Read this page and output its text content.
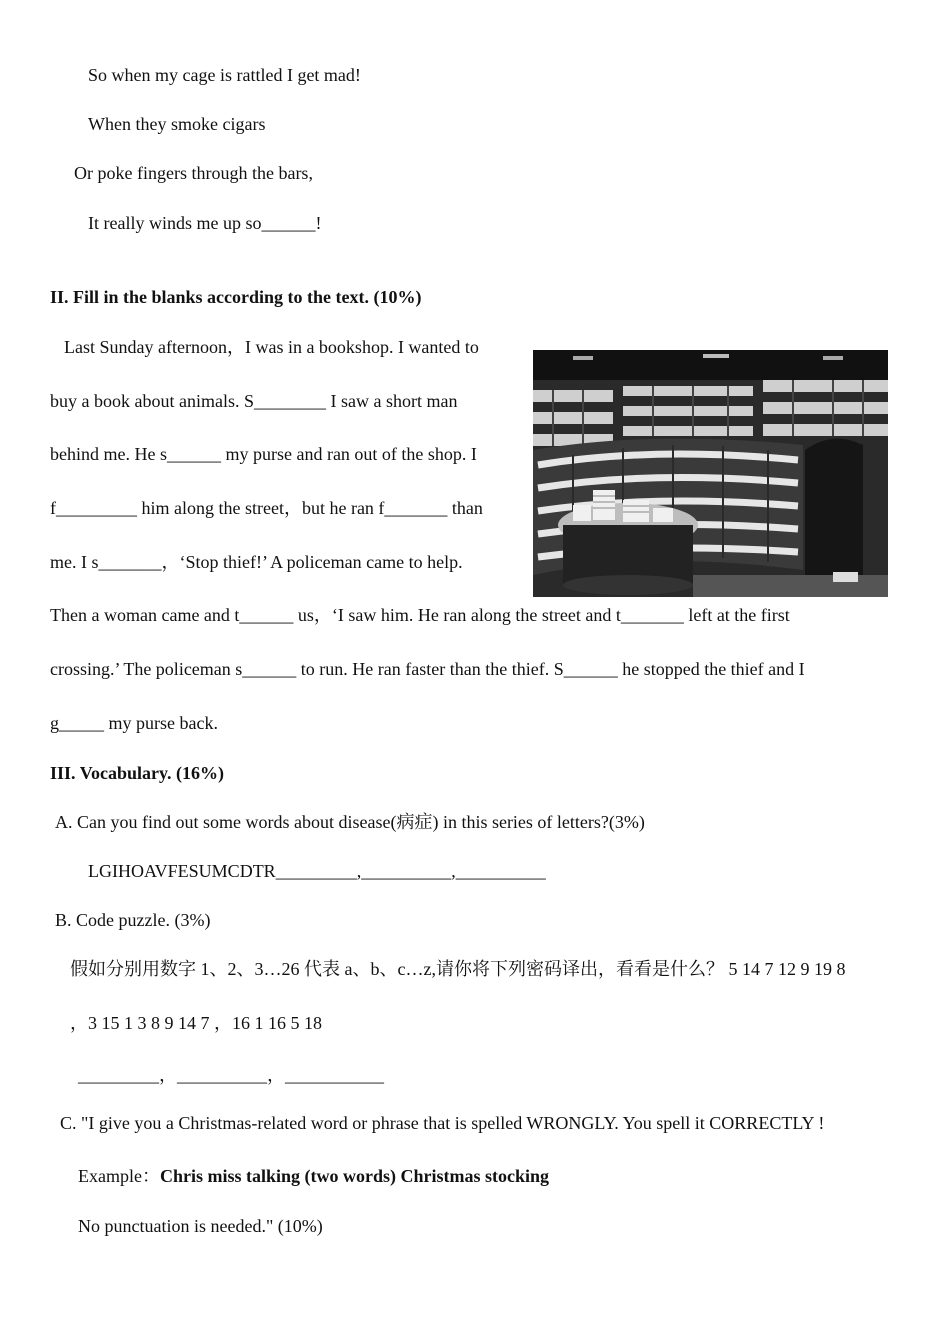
So when my cage is rattled I get mad!
When they smoke cigars
Or poke fingers through the bars,
It really winds me up so______!
II. Fill in the blanks according to the text. (10%)
Last Sunday afternoon，I was in a bookshop. I wanted to
buy a book about animals. S________ I saw a short man
behind me. He s______ my purse and ran out of the shop. I
f_________ him along the street，but he ran f_______ than
me. I s_______，‘Stop thief!’ A policeman came to help.
Then a woman came and t______ us，‘I saw him. He ran along the street and t_______ left at the first
crossing.’ The policeman s______ to run. He ran faster than the thief. S______ he stopped the thief and I
g_____ my purse back.
III. Vocabulary. (16%)
A. Can you find out some words about disease(病症) in this series of letters?(3%)
LGIHOAVFESUMCDTR_________,__________,__________
B. Code puzzle. (3%)
假如分别用数字 1、2、3…26 代表 a、b、c…z,请你将下列密码译出，看看是什么？ 5 14 7 12 9 19 8
，3 15 1 3 8 9 14 7 ，16 1 16 5 18
_________，__________，___________
C. "I give you a Christmas-related word or phrase that is spelled WRONGLY. You spell it CORRECTLY !
Example：Chris miss talking (two words) Christmas stocking
No punctuation is needed." (10%)
